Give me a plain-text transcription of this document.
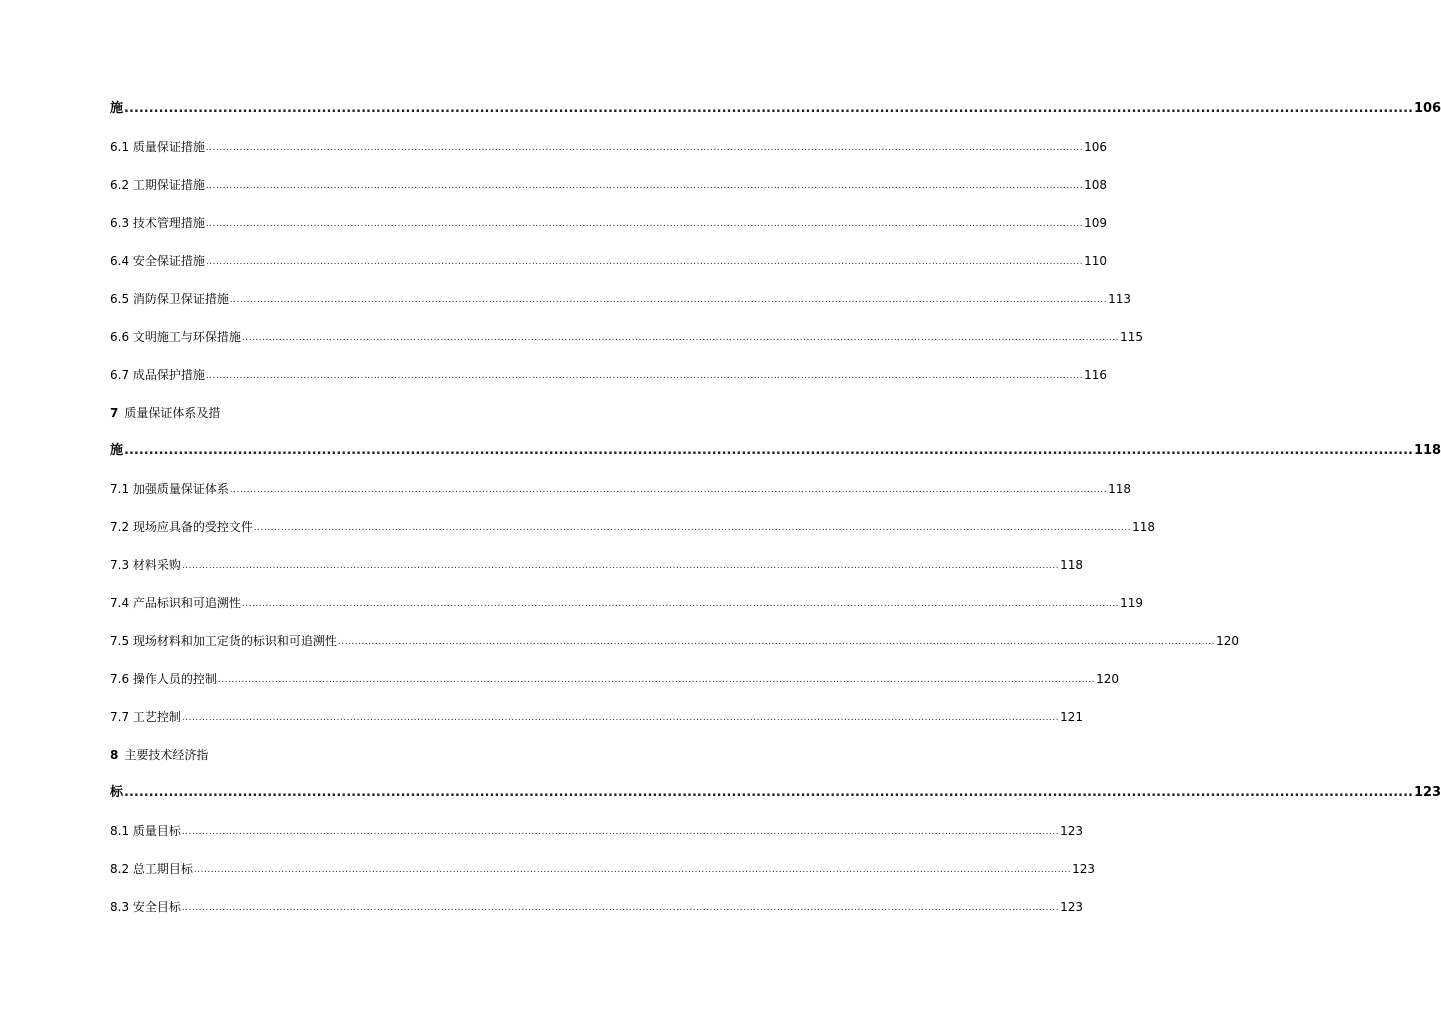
施 ..................................................................................................................................................................................................................................................................... 106
6.1 质量保证措施 ..................................................................................................................................................................................................................................................................... 106
6.2 工期保证措施 ..................................................................................................................................................................................................................................................................... 108
6.3 技术管理措施 ..................................................................................................................................................................................................................................................................... 109
6.4 安全保证措施 ..................................................................................................................................................................................................................................................................... 110
6.5 消防保卫保证措施 ..................................................................................................................................................................................................................................................................... 113
6.6 文明施工与环保措施 ..................................................................................................................................................................................................................................................................... 115
6.7 成品保护措施 ..................................................................................................................................................................................................................................................................... 116
7 质量保证体系及措
施 ..................................................................................................................................................................................................................................................................... 118
7.1 加强质量保证体系 ..................................................................................................................................................................................................................................................................... 118
7.2 现场应具备的受控文件 ..................................................................................................................................................................................................................................................................... 118
7.3 材料采购 ..................................................................................................................................................................................................................................................................... 118
7.4 产品标识和可追溯性 ..................................................................................................................................................................................................................................................................... 119
7.5 现场材料和加工定货的标识和可追溯性 ..................................................................................................................................................................................................................................................................... 120
7.6 操作人员的控制 ..................................................................................................................................................................................................................................................................... 120
7.7 工艺控制 ..................................................................................................................................................................................................................................................................... 121
8 主要技术经济指
标 ..................................................................................................................................................................................................................................................................... 123
8.1 质量目标 ..................................................................................................................................................................................................................................................................... 123
8.2 总工期目标 ..................................................................................................................................................................................................................................................................... 123
8.3 安全目标 ..................................................................................................................................................................................................................................................................... 123
